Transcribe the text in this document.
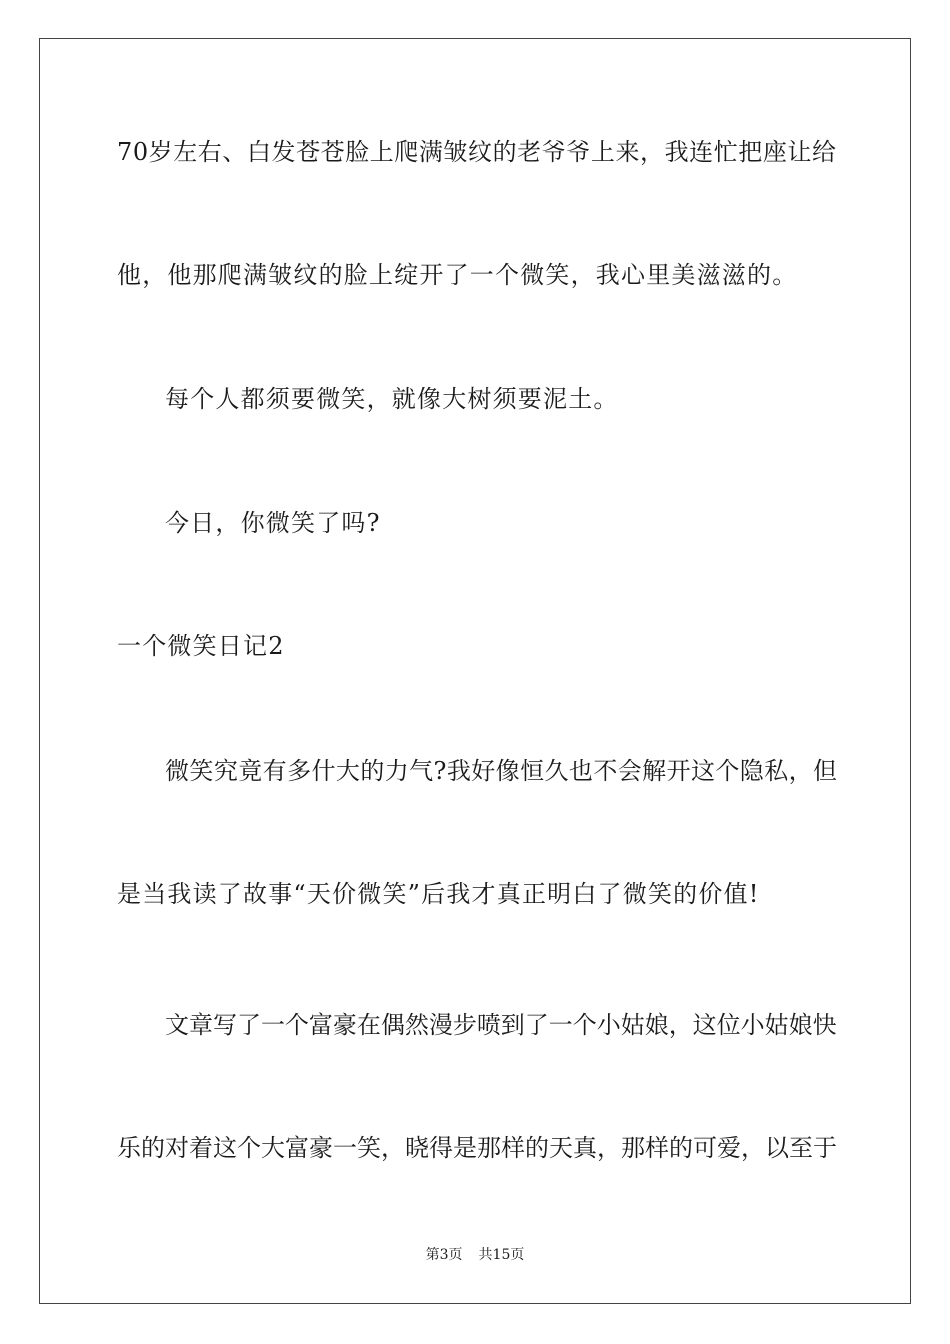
70岁左右、白发苍苍脸上爬满皱纹的老爷爷上来，我连忙把座让给
他，他那爬满皱纹的脸上绽开了一个微笑，我心里美滋滋的。
每个人都须要微笑，就像大树须要泥土。
今日，你微笑了吗?
一个微笑日记2
微笑究竟有多什大的力气?我好像恒久也不会解开这个隐私，但
是当我读了故事“天价微笑”后我才真正明白了微笑的价值!
文章写了一个富豪在偶然漫步喷到了一个小姑娘，这位小姑娘快
乐的对着这个大富豪一笑，晓得是那样的天真，那样的可爱，以至于
第3页 共15页
